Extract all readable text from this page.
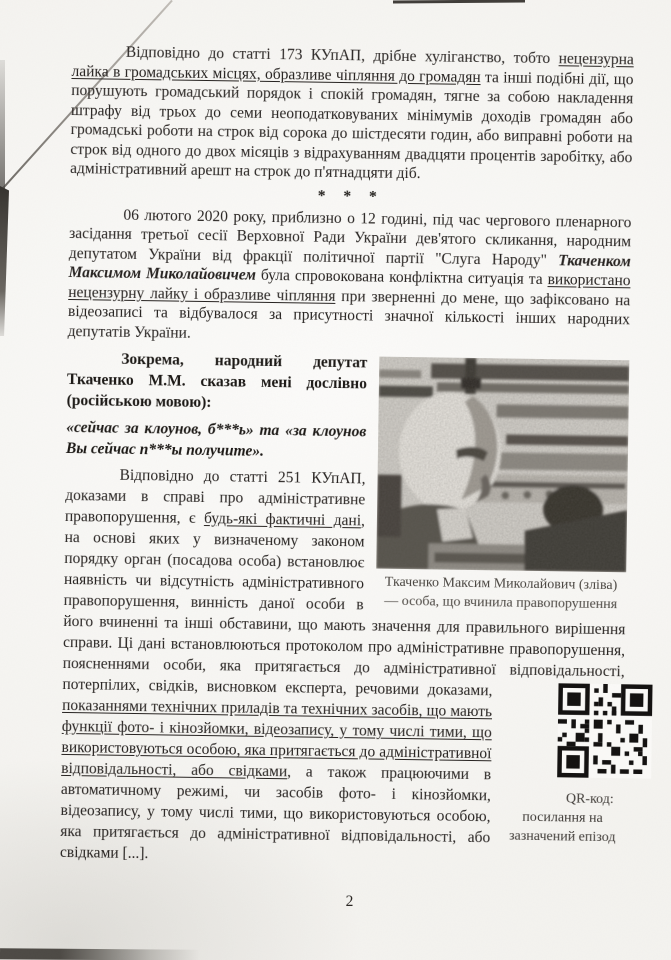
Відповідно до статті 173 КУпАП, дрібне хуліганство, тобто нецензурна лайка в громадських місцях, образливе чіпляння до громадян та інші подібні дії, що порушують громадський порядок і спокій громадян, тягне за собою накладення штрафу від трьох до семи неоподатковуваних мінімумів доходів громадян або громадські роботи на строк від сорока до шістдесяти годин, або виправні роботи на строк від одного до двох місяців з відрахуванням двадцяти процентів заробітку, або адміністративний арешт на строк до п'ятнадцяти діб.

* * *

06 лютого 2020 року, приблизно о 12 годині, під час чергового пленарного засідання третьої сесії Верховної Ради України дев'ятого скликання, народним депутатом України від фракції політичної партії "Слуга Народу" Ткаченком Максимом Миколайовичем була спровокована конфліктна ситуація та використано нецензурну лайку і образливе чіпляння при зверненні до мене, що зафіксовано на відеозаписі та відбувалося за присутності значної кількості інших народних депутатів України.

Ткаченко Максим Миколайович (зліва) — особа, що вчинила правопорушення

Зокрема, народний депутат Ткаченко М.М. сказав мені дослівно (російською мовою):

«сейчас за клоунов, б***ь» та «за клоунов Вы сейчас п***ы получите».

Відповідно до статті 251 КУпАП, доказами в справі про адміністративне правопорушення, є будь-які фактичні дані, на основі яких у визначеному законом порядку орган (посадова особа) встановлює наявність чи відсутність адміністративного правопорушення, винність даної особи в його вчиненні та інші обставини, що мають значення для правильного вирішення справи. Ці дані встановлюються протоколом про адміністративне правопорушення, поясненнями особи, яка притягається до адміністративної відповідальності, потерпілих, свідків, висновком експерта, речовими доказами,
QR-код: посилання на зазначений епізод
показаннями технічних приладів та технічних засобів, що мають функції фото- і кінозйомки, відеозапису, у тому числі тими, що використовуються особою, яка притягається до адміністративної відповідальності, або свідками, а також працюючими в автоматичному режимі, чи засобів фото- і кінозйомки, відеозапису, у тому числі тими, що використовуються особою, яка притягається до адміністративної відповідальності, або свідками [...].

2
